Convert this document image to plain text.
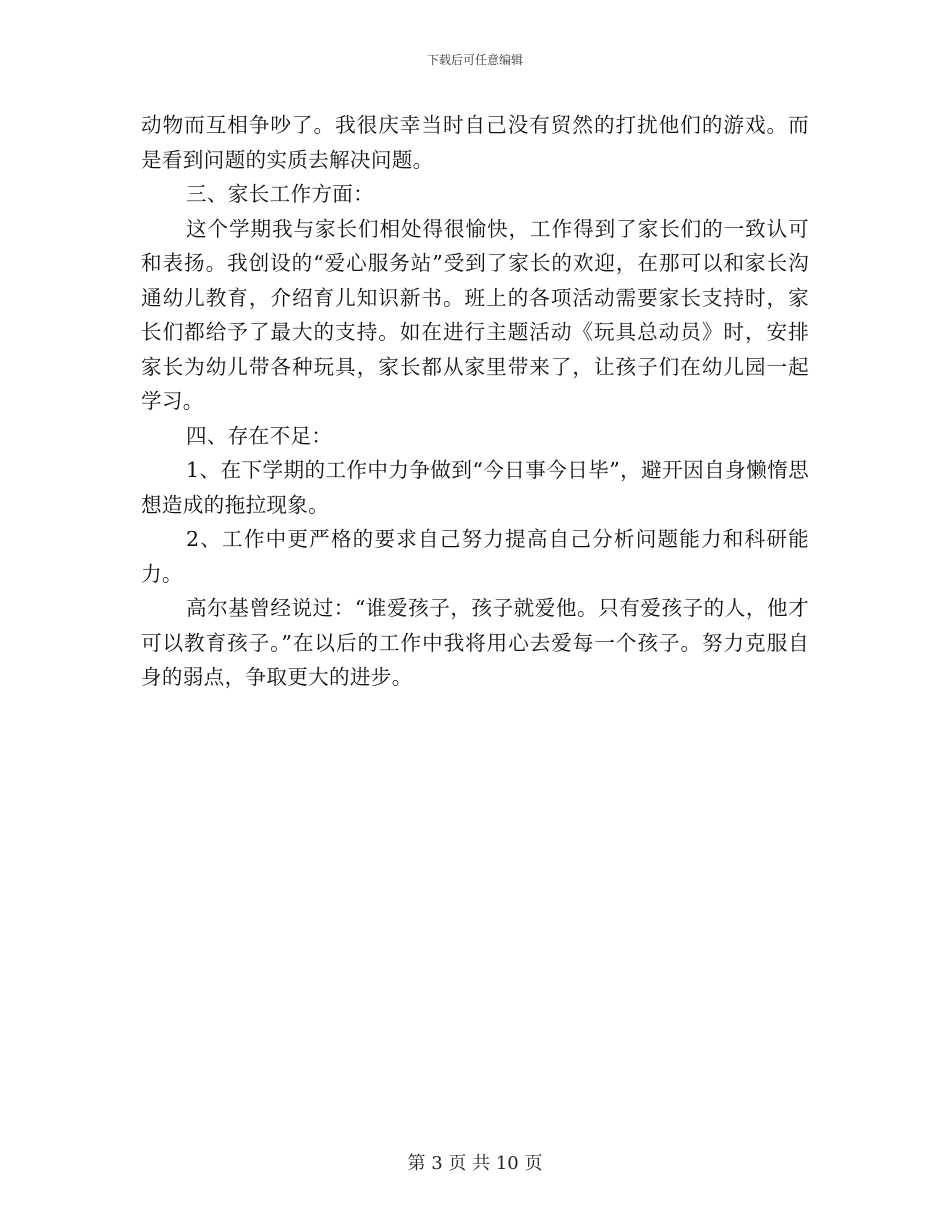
下载后可任意编辑

动物而互相争吵了。我很庆幸当时自己没有贸然的打扰他们的游戏。而是看到问题的实质去解决问题。

三、家长工作方面：

这个学期我与家长们相处得很愉快，工作得到了家长们的一致认可和表扬。我创设的“爱心服务站”受到了家长的欢迎，在那可以和家长沟通幼儿教育，介绍育儿知识新书。班上的各项活动需要家长支持时，家长们都给予了最大的支持。如在进行主题活动《玩具总动员》时，安排家长为幼儿带各种玩具，家长都从家里带来了，让孩子们在幼儿园一起学习。

四、存在不足：

1、在下学期的工作中力争做到“今日事今日毕”，避开因自身懒惰思想造成的拖拉现象。

2、工作中更严格的要求自己努力提高自己分析问题能力和科研能力。

高尔基曾经说过：“谁爱孩子，孩子就爱他。只有爱孩子的人，他才可以教育孩子。”在以后的工作中我将用心去爱每一个孩子。努力克服自身的弱点，争取更大的进步。

第 3 页 共 10 页
